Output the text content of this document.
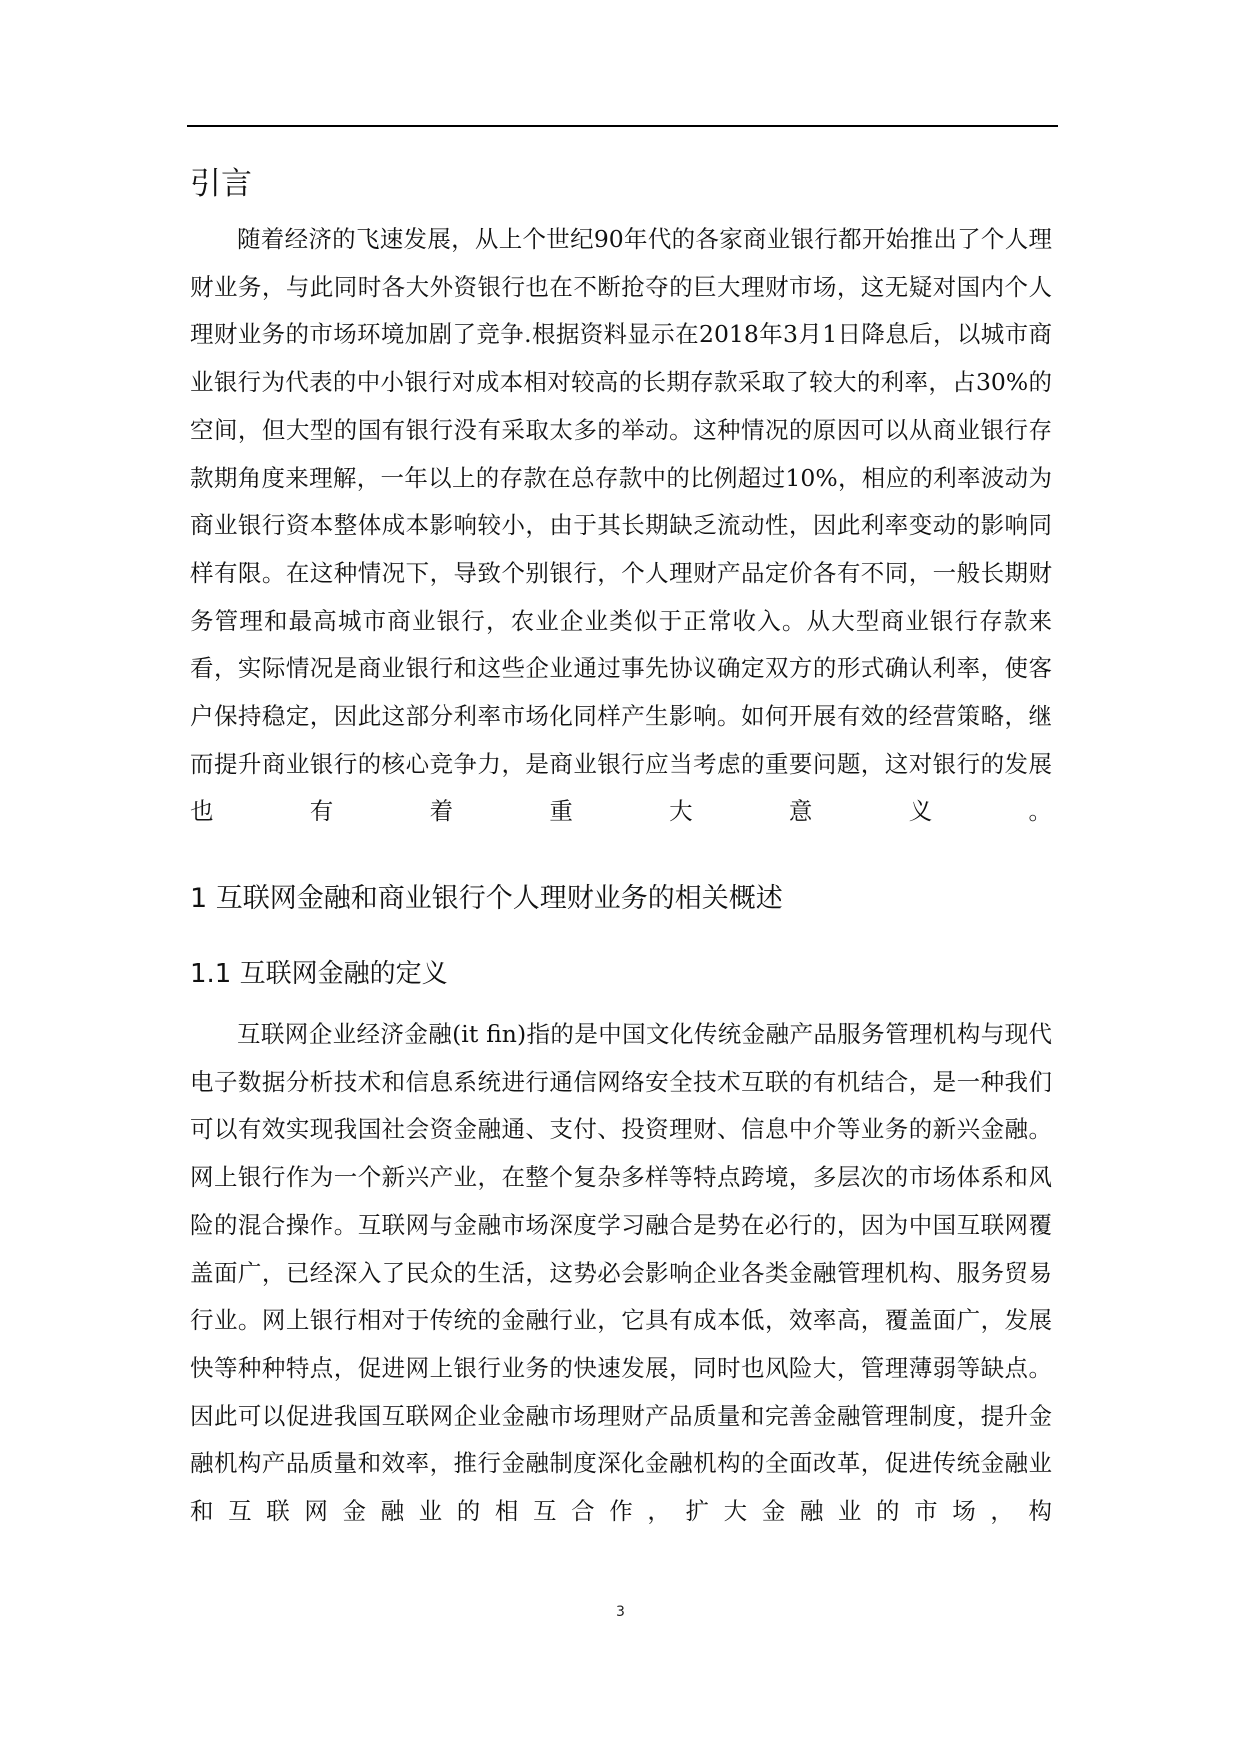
引言

随着经济的飞速发展，从上个世纪90年代的各家商业银行都开始推出了个人理财业务，与此同时各大外资银行也在不断抢夺的巨大理财市场，这无疑对国内个人理财业务的市场环境加剧了竞争.根据资料显示在2018年3月1日降息后，以城市商业银行为代表的中小银行对成本相对较高的长期存款采取了较大的利率，占30%的空间，但大型的国有银行没有采取太多的举动。这种情况的原因可以从商业银行存款期角度来理解，一年以上的存款在总存款中的比例超过10%，相应的利率波动为商业银行资本整体成本影响较小，由于其长期缺乏流动性，因此利率变动的影响同样有限。在这种情况下，导致个别银行，个人理财产品定价各有不同，一般长期财务管理和最高城市商业银行，农业企业类似于正常收入。从大型商业银行存款来看，实际情况是商业银行和这些企业通过事先协议确定双方的形式确认利率，使客户保持稳定，因此这部分利率市场化同样产生影响。如何开展有效的经营策略，继而提升商业银行的核心竞争力，是商业银行应当考虑的重要问题，这对银行的发展也有着重大意义。

1 互联网金融和商业银行个人理财业务的相关概述
1.1 互联网金融的定义

互联网企业经济金融(it fin)指的是中国文化传统金融产品服务管理机构与现代电子数据分析技术和信息系统进行通信网络安全技术互联的有机结合，是一种我们可以有效实现我国社会资金融通、支付、投资理财、信息中介等业务的新兴金融。网上银行作为一个新兴产业，在整个复杂多样等特点跨境，多层次的市场体系和风险的混合操作。互联网与金融市场深度学习融合是势在必行的，因为中国互联网覆盖面广，已经深入了民众的生活，这势必会影响企业各类金融管理机构、服务贸易行业。网上银行相对于传统的金融行业，它具有成本低，效率高，覆盖面广，发展快等种种特点，促进网上银行业务的快速发展，同时也风险大，管理薄弱等缺点。因此可以促进我国互联网企业金融市场理财产品质量和完善金融管理制度，提升金融机构产品质量和效率，推行金融制度深化金融机构的全面改革，促进传统金融业和互联网金融业的相互合作，扩大金融业的市场，构

3
